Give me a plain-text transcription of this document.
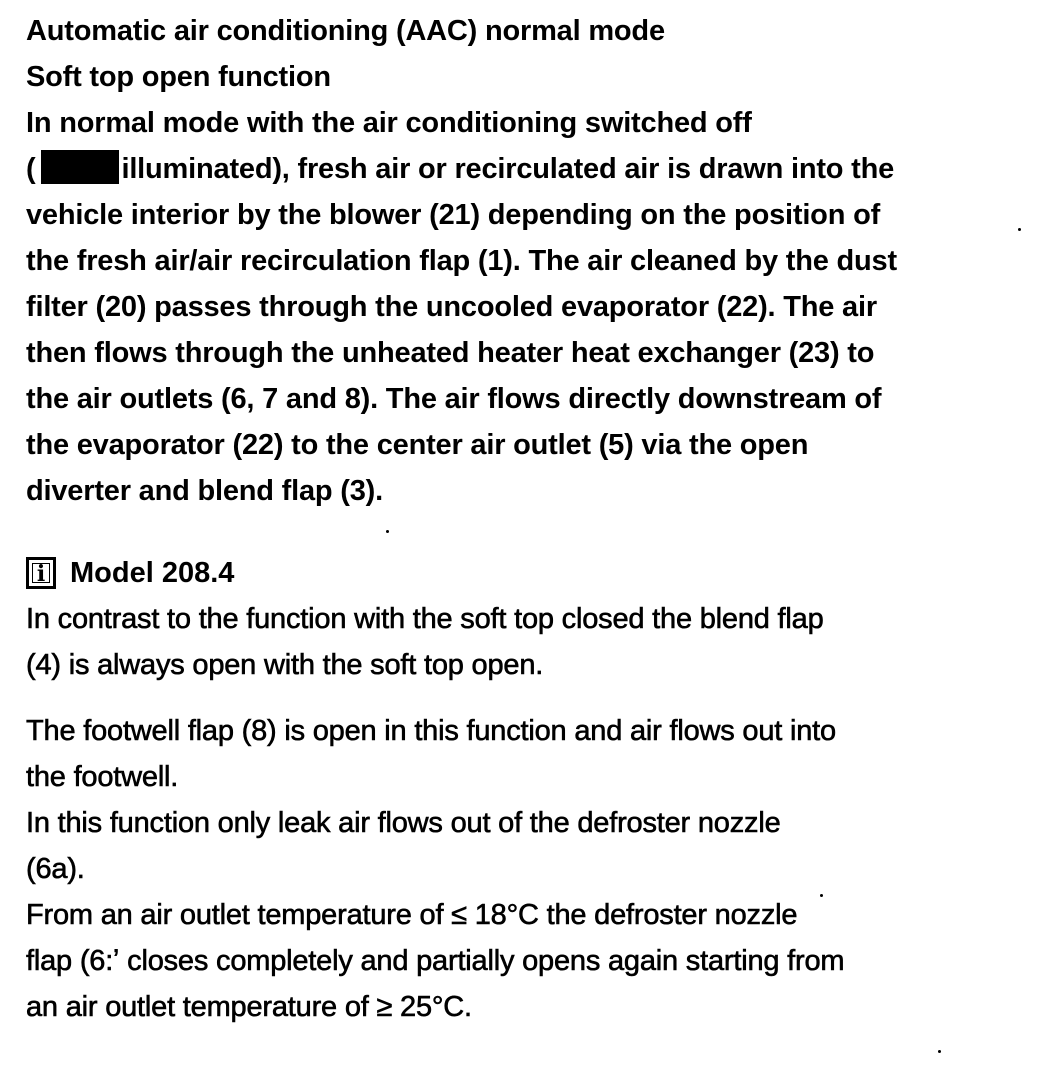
Automatic air conditioning (AAC) normal mode
Soft top open function
In normal mode with the air conditioning switched off
(	illuminated), fresh air or recirculated air is drawn into the
vehicle interior by the blower (21) depending on the position of
the fresh air/air recirculation flap (1). The air cleaned by the dust
filter (20) passes through the uncooled evaporator (22). The air
then flows through the unheated heater heat exchanger (23) to
the air outlets (6, 7 and 8). The air flows directly downstream of
the evaporator (22) to the center air outlet (5) via the open
diverter and blend flap (3).
i Model 208.4
In contrast to the function with the soft top closed the blend flap
(4) is always open with the soft top open.
The footwell flap (8) is open in this function and air flows out into
the footwell.
In this function only leak air flows out of the defroster nozzle
(6a).
From an air outlet temperature of ≤ 18°C the defroster nozzle
flap (6:ʼ closes completely and partially opens again starting from
an air outlet temperature of ≥ 25°C.
